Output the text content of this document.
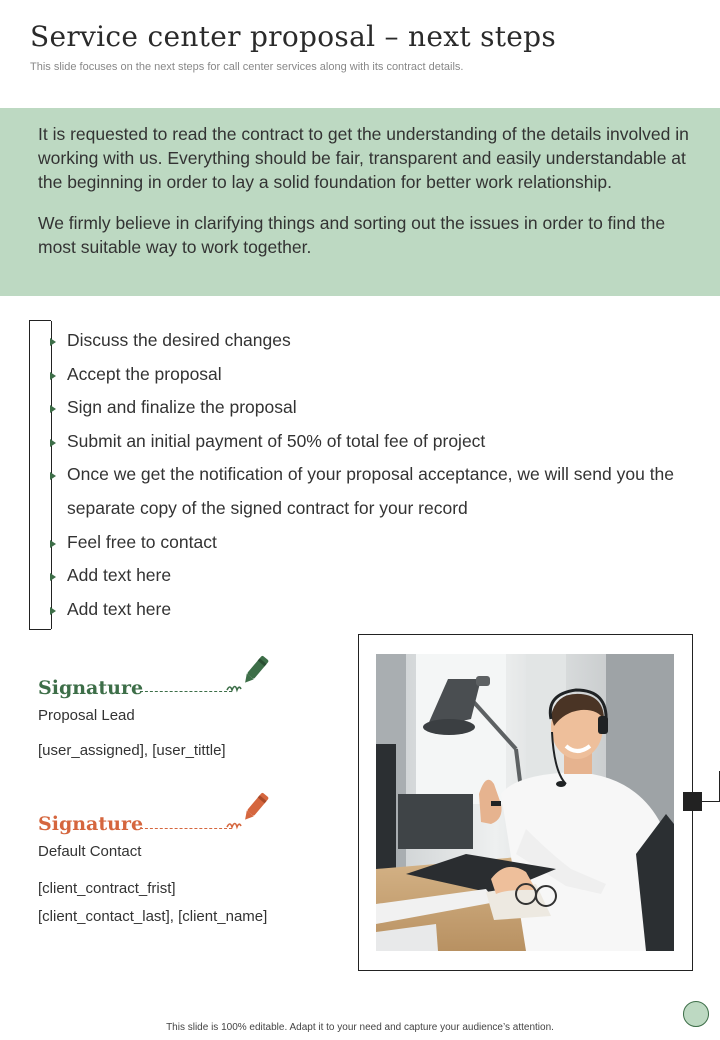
Service center proposal – next steps

This slide focuses on the next steps for call center services along with its contract details.

It is requested to read the contract to get the understanding of the details involved in working with us. Everything should be fair, transparent and easily understandable at the beginning in order to lay a solid foundation for better work relationship.

We firmly believe in clarifying things and sorting out the issues in order to find the most suitable way to work together.

Discuss the desired changes
Accept the proposal
Sign and finalize the proposal
Submit an initial payment of 50% of total fee of project
Once we get the notification of your proposal acceptance, we will send you the separate copy of the signed contract for your record
Feel free to contact
Add text here
Add text here
Signature

Proposal Lead

[user_assigned], [user_tittle]

Signature

Default Contact

[client_contract_frist]

[client_contact_last], [client_name]

This slide is 100% editable. Adapt it to your need and capture your audience’s attention.
